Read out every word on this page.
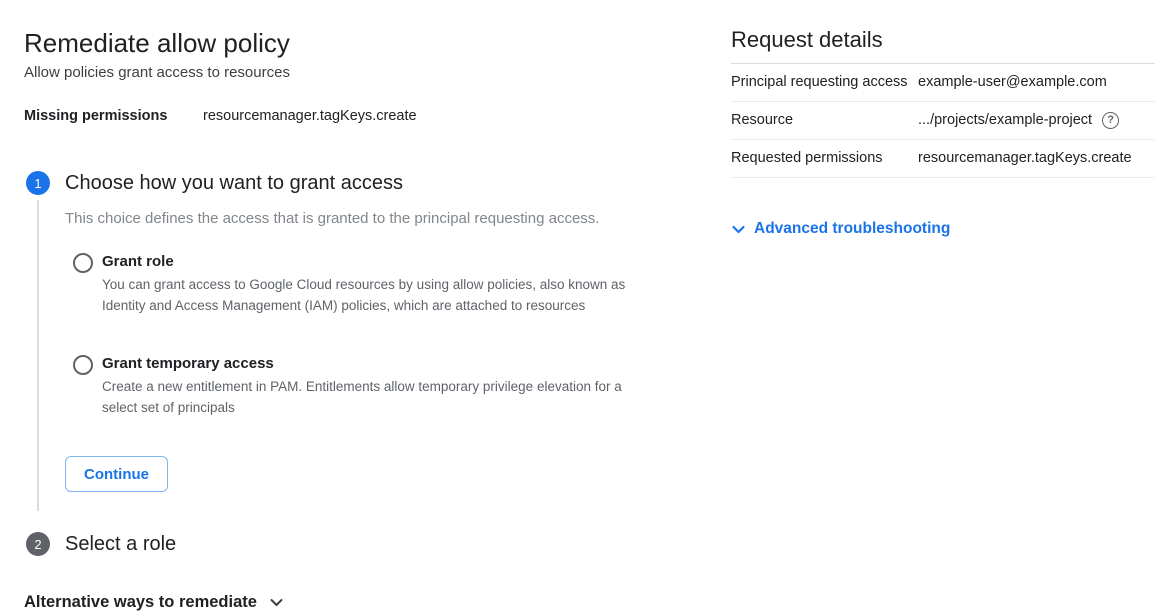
Remediate allow policy
Allow policies grant access to resources
Missing permissions	resourcemanager.tagKeys.create
1	Choose how you want to grant access
This choice defines the access that is granted to the principal requesting access.
Grant role
You can grant access to Google Cloud resources by using allow policies, also known as Identity and Access Management (IAM) policies, which are attached to resources
Grant temporary access
Create a new entitlement in PAM. Entitlements allow temporary privilege elevation for a select set of principals
Continue
2	Select a role
Alternative ways to remediate
Request details
Principal requesting access example-user@example.com
Resource	.../projects/example-project	?
Requested permissions	resourcemanager.tagKeys.create
Advanced troubleshooting
